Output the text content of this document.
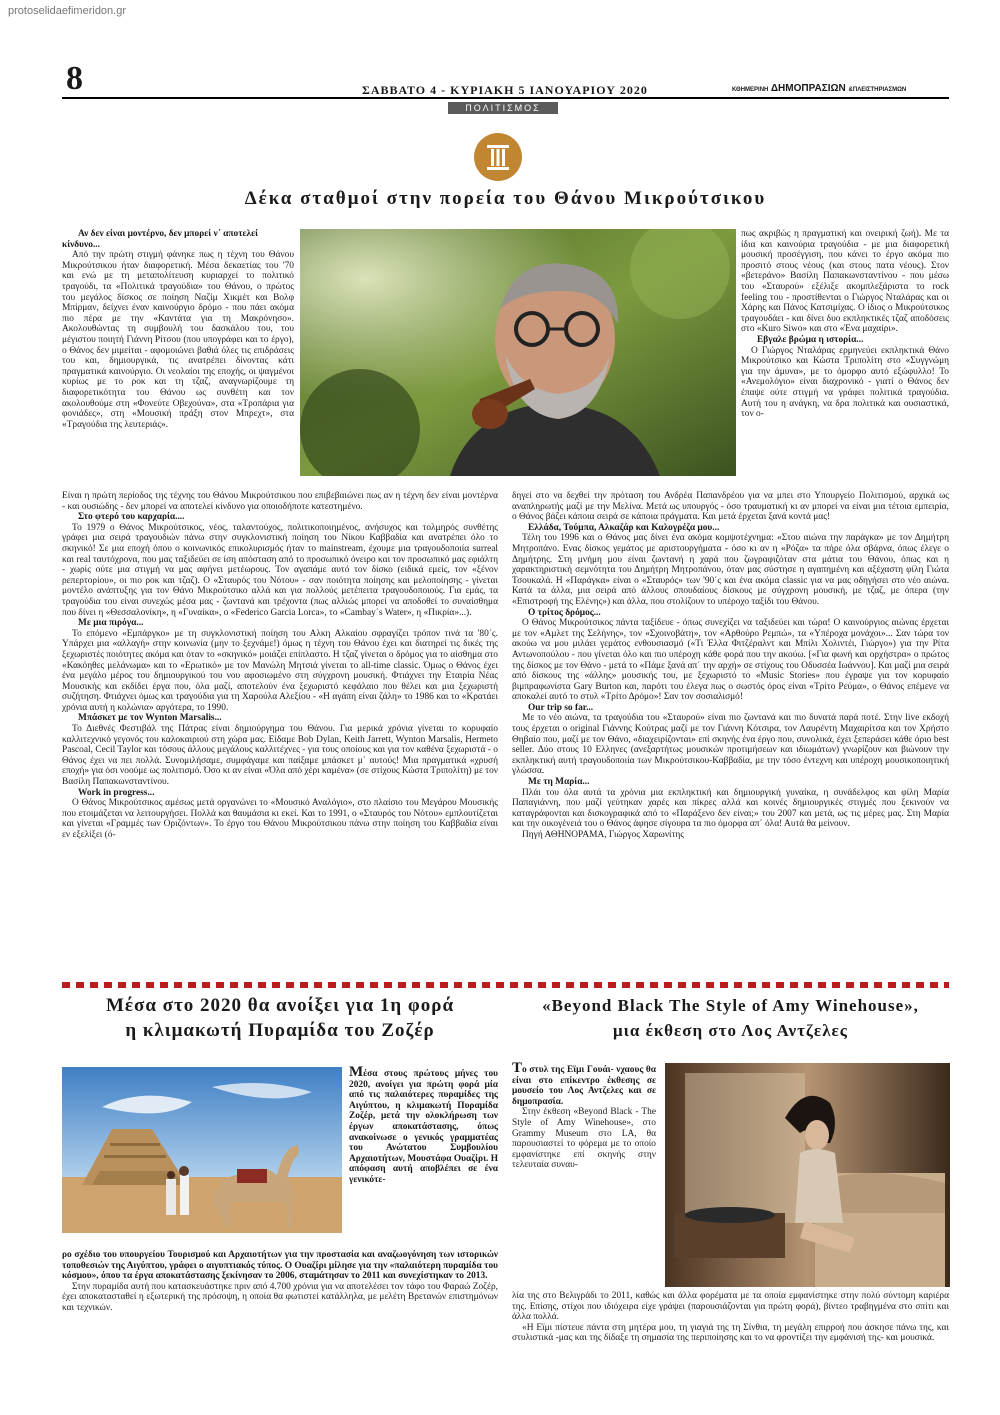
protoselidaefimeridon.gr
8	ΣΑΒΒΑΤΟ 4 - ΚΥΡΙΑΚΗ 5 ΙΑΝΟΥΑΡΙΟΥ 2020	ΚΘΗΜΕΡΙΝΗ ΔΗΜΟΠΡΑΣΙΩΝ &ΠΛΕΙΣΤΗΡΙΑΣΜΩΝ
ΠΟΛΙΤΙΣΜΟΣ
Δέκα σταθμοί στην πορεία του Θάνου Μικρούτσικου

Αν δεν είναι μοντέρνο, δεν μπορεί ν΄ αποτελεί κίνδυνο...

Από την πρώτη στιγμή φάνηκε πως η τέχνη του Θάνου Μικρούτσικου ήταν διαφορετική. Μέσα δεκαετίας του '70 και ενώ με τη μεταπολίτευση κυριαρχεί το πολιτικό τραγούδι, τα «Πολιτικά τραγούδια» του Θάνου, ο πρώτος του μεγάλος δίσκος σε ποίηση Ναζίμ Χικμέτ και Βολφ Μπίρμαν, δείχνει έναν καινούργιο δρόμο - που πάει ακόμα πιο πέρα με την «Καντάτα για τη Μακρόνησο». Ακολουθώντας τη συμβουλή του δασκάλου του, του μέγιστου ποιητή Γιάννη Ρίτσου (που υπογράφει και το έργο), ο Θάνος δεν μιμείται - αφομοιώνει βαθιά όλες τις επιδράσεις του και, δημιουργικά, τις ανατρέπει δίνοντας κάτι πραγματικά καινούργιο. Οι νεολαίοι της εποχής, οι ψαγμένοι κυρίως με το ροκ και τη τζαζ, αναγνωρίζουμε τη διαφορετικότητα του Θάνου ως συνθέτη και τον ακολουθούμε στη «Φονεύτε Οβεχούνα», στα «Τροπάρια για φονιάδες», στη «Μουσική πράξη στον Μπρεχτ», στα «Τραγούδια της λευτεριάς».

πως ακριβώς η πραγματική και ονειρική ζωή). Με τα ίδια και καινούρια τραγούδια - με μια διαφορετική μουσική προσέγγιση, που κάνει το έργο ακόμα πιο προσιτό στους νέους (και στους πατα νέους). Στον «βετεράνο» Βασίλη Παπακωνσταντίνου - που μέσω του «Σταυρού» εξέλιξε ακομπλεξάριστα το rock feeling του - προστίθενται ο Γιώργος Νταλάρας και οι Χάρης και Πάνος Κατσιμίχας. Ο ίδιος ο Μικρούτσικος τραγουδάει - και δίνει δυο εκπληκτικές τζαζ αποδόσεις στο «Kuro Siwo» και στο «Ένα μαχαίρι».

Εβγαλε βρώμα η ιστορία...

Ο Γιώργος Νταλάρας ερμηνεύει εκπληκτικά Θάνο Μικρούτσικο και Κώστα Τριπολίτη στο «Συγγνώμη για την άμυνα», με το όμορφο αυτό εξώφυλλο! Το «Ανεμολόγιο» είναι διαχρονικό - γιατί ο Θάνος δεν έπαψε ούτε στιγμή να γράφει πολιτικά τραγούδια. Αυτή του η ανάγκη, να δρα πολιτικά και ουσιαστικά, τον ο-

Είναι η πρώτη περίοδος της τέχνης του Θάνου Μικρούτσικου που επιβεβαιώνει πως αν η τέχνη δεν είναι μοντέρνα - και ουσιώδης - δεν μπορεί να αποτελεί κίνδυνο για οποιοδήποτε κατεστημένο.

Στο φτερό του καρχαρία....

Το 1979 ο Θάνος Μικρούτσικος, νέος, ταλαντούχος, πολιτικοποιημένος, ανήσυχος και τολμηρός συνθέτης γράφει μια σειρά τραγουδιών πάνω στην συγκλονιστική ποίηση του Νίκου Καββαδία και ανατρέπει όλο το σκηνικό! Σε μια εποχή όπου ο κοινωνικός επικολυρισμός ήταν το mainstream, έχουμε μια τραγουδοποιία surreal και real ταυτόχρονα, που μας ταξιδεύει σε ίση απόσταση από το προσωπικό όνειρο και τον προσωπικό μας εφιάλτη - χωρίς ούτε μια στιγμή να μας αφήνει μετέωρους. Τον αγαπάμε αυτό τον δίσκο (ειδικά εμείς, τον «ξένον ρεπερτορίου», οι πιο ροκ και τζαζ). Ο «Σταυρός του Νότου» - σαν ποιότητα ποίησης και μελοποίησης - γίνεται μοντέλο ανάπτυξης για τον Θάνο Μικρούτσικο αλλά και για πολλούς μετέπειτα τραγουδοποιούς. Για εμάς, τα τραγούδια του είναι συνεχώς μέσα μας - ζωντανά και τρέχοντα (πως αλλιώς μπορεί να αποδοθεί το συναίσθημα που δίνει η «Θεσσαλονίκη», η «Γυναίκα», ο «Federico Garcia Lorca», το «Cambay΄s Water», η «Πικρία»...).

Με μια πιρόγα...

Το επόμενο «Εμπάργκο» με τη συγκλονιστική ποίηση του Αλκη Αλκαίου σφραγίζει τρόπον τινά τα '80΄ς. Υπάρχει μια «αλλαγή» στην κοινωνία (μην το ξεχνάμε!) όμως η τέχνη του Θάνου έχει και διατηρεί τις δικές της ξεχωριστές ποιότητες ακόμα και όταν το «σκηνικό» μοιάζει επίπλαστο. Η τζαζ γίνεται ο δρόμος για το αίσθημα στο «Κακόηθες μελάνωμα» και το «Ερωτικό» με τον Μανώλη Μητσιά γίνεται το all-time classic. Όμως ο Θάνος έχει ένα μεγάλο μέρος του δημιουργικού του νου αφοσιωμένο στη σύγχρονη μουσική. Φτιάχνει την Εταιρία Νέας Μουσικής και εκδίδει έργα που, όλα μαζί, αποτελούν ένα ξεχωριστό κεφάλαιο που θέλει και μια ξεχωριστή συζήτηση. Φτιάχνει όμως και τραγούδια για τη Χαρούλα Αλεξίου - «Η αγάπη είναι ζάλη» το 1986 και το «Κρατάει χρόνια αυτή η κολώνια» αργότερα, το 1990.

Μπάσκετ με τον Wynton Marsalis...

Το Διεθνές Φεστιβάλ της Πάτρας είναι δημιούργημα του Θάνου. Για μερικά χρόνια γίνεται το κορυφαίο καλλιτεχνικό γεγονός του καλοκαιριού στη χώρα μας. Είδαμε Bob Dylan, Keith Jarrett, Wynton Marsalis, Hermeto Pascoal, Cecil Taylor και τόσους άλλους μεγάλους καλλιτέχνες - για τους οποίους και για τον καθένα ξεχωριστά - ο Θάνος έχει να πει πολλά. Συνομιλήσαμε, συμφάγαμε και παίξαμε μπάσκετ μ΄ αυτούς! Μια πραγματικά «χρυσή εποχή» για όσι νοούμε ως πολιτισμό. Όσο κι αν είναι «Όλα από χέρι καμένα» (σε στίχους Κώστα Τριπολίτη) με τον Βασίλη Παπακωνσταντίνου.

Work in progress...

Ο Θάνος Μικρούτσικος αμέσως μετά οργανώνει το «Μουσικό Αναλόγιο», στο πλαίσιο του Μεγάρου Μουσικής που ετοιμάζεται να λειτουργήσει. Πολλά και θαυμάσια κι εκεί. Και το 1991, ο «Σταυρός του Νότου» εμπλουτίζεται και γίνεται «Γραμμές των Οριζόντων». Το έργο του Θάνου Μικρούτσικου πάνω στην ποίηση του Καββαδία είναι εν εξελίξει (ό-

δηγεί στο να δεχθεί την πρόταση του Ανδρέα Παπανδρέου για να μπει στο Υπουργείο Πολιτισμού, αρχικά ως αναπληρωτής μαζί με την Μελίνα. Μετά ως υπουργός - όσο τραυματική κι αν μπορεί να είναι μια τέτοια εμπειρία, ο Θάνος βάζει κάποια σειρά σε κάποια πράγματα. Και μετά έρχεται ξανά κοντά μας!

Ελλάδα, Τούμπα, Αλκαζάρ και Καλογρέζα μου...

Τέλη του 1996 και ο Θάνος μας δίνει ένα ακόμα κομψοτέχνημα: «Στου αιώνα την παράγκα» με τον Δημήτρη Μητροπάνο. Ενας δίσκος γεμάτος με αριστουργήματα - όσο κι αν η «Ρόζα» τα πήρε όλα σβάρνα, όπως έλεγε ο Δημήτρης. Στη μνήμη μου είναι ζωντανή η χαρά που ζωγραφιζόταν στα μάτια του Θάνου, όπως και η χαρακτηριστική σεμνότητα του Δημήτρη Μητροπάνου, όταν μας σύστησε η αγαπημένη και αξέχαστη φίλη Γιώτα Τσουκαλά. Η «Παράγκα» είναι ο «Σταυρός» των '90΄ς και ένα ακόμα classic για να μας οδηγήσει στο νέο αιώνα. Κατά τα άλλα, μια σειρά από άλλους σπουδαίους δίσκους με σύγχρονη μουσική, με τζαζ, με όπερα (την «Επιστροφή της Ελένης») και άλλα, που στολίζουν το υπέροχο ταξίδι του Θάνου.

Ο τρίτος δρόμος...

Ο Θάνος Μικρούτσικος πάντα ταξίδευε - όπως συνεχίζει να ταξιδεύει και τώρα! Ο καινούργιος αιώνας έρχεται με τον «Αμλετ της Σελήνης», τον «Σχοινοβάτη», τον «Αρθούρο Ρεμπώ», τα «Υπέροχα μονάχοι»... Σαν τώρα τον ακούω να μου μιλάει γεμάτος ενθουσιασμό («Τι Έλλα Φιτζέραλντ και Μπίλι Χολιντέι, Γιώργο») για την Ρίτα Αντωνοπούλου - που γίνεται όλο και πιο υπέροχη κάθε φορά που την ακούω. [«Για φωνή και ορχήστρα» ο πρώτος της δίσκος με τον Θάνο - μετά το «Πάμε ξανά απ΄ την αρχή» σε στίχους του Οδυσσέα Ιωάννου]. Και μαζί μια σειρά από δίσκους της «άλλης» μουσικής του, με ξεχωριστό το «Music Stories» που έγραψε για τον κορυφαίο βιμπραφωνίστα Gary Burton και, παρότι του έλεγα πως ο σωστός όρος είναι «Τρίτο Ρεύμα», ο Θάνος επέμενε να αποκαλεί αυτό το στυλ «Τρίτο Δρόμο»! Σαν τον σοσιαλισμό!

Our trip so far...

Με το νέο αιώνα, τα τραγούδια του «Σταυρού» είναι πιο ζωντανά και πιο δυνατά παρά ποτέ. Στην live εκδοχή τους έρχεται ο original Γιάννης Κούτρας μαζί με τον Γιάννη Κότσιρα, τον Λαυρέντη Μαχαιρίτσα και τον Χρήστο Θηβαίο που, μαζί με τον Θάνο, «διαχειρίζονται» επί σκηνής ένα έργο που, συνολικά, έχει ξεπεράσει κάθε όριο best seller. Δύο στους 10 Ελληνες (ανεξαρτήτως μουσικών προτιμήσεων και ιδιωμάτων) γνωρίζουν και βιώνουν την εκπληκτική αυτή τραγουδοποιία των Μικρούτσικου-Καββαδία, με την τόσο έντεχνη και υπέροχη μουσικοποιητική γλώσσα.

Με τη Μαρία...

Πλάι του όλα αυτά τα χρόνια μια εκπληκτική και δημιουργική γυναίκα, η συνάδελφος και φίλη Μαρία Παπαγιάννη, που μαζί γεύτηκαν χαρές και πίκρες αλλά και κοινές δημιουργικές στιγμές που ξεκινούν να καταγράφονται και δισκογραφικά από το «Παράξενο δεν είναι;» του 2007 και μετά, ως τις μέρες μας. Στη Μαρία και την οικογένειά του ο Θάνος άφησε σίγουρα τα πιο όμορφα απ΄ όλα! Αυτά θα μείνουν.

Πηγή ΑΘΗΝΟΡΑΜΑ, Γιώργος Χαρωνίτης

Μέσα στο 2020 θα ανοίξει για 1η φορά
η κλιμακωτή Πυραμίδα του Ζοζέρ

Μέσα στους πρώτους μήνες του 2020, ανοίγει για πρώτη φορά μία από τις παλαιότερες πυραμίδες της Αιγύπτου, η κλιμακωτή Πυραμίδα Ζοζέρ, μετά την ολοκλήρωση των έργων αποκατάστασης, όπως ανακοίνωσε ο γενικός γραμματέας του Ανώτατου Συμβουλίου Αρχαιοτήτων, Μουστάφα Ουαζίρι. Η απόφαση αυτή αποβλέπει σε ένα γενικότε-

ρο σχέδιο του υπουργείου Τουρισμού και Αρχαιοτήτων για την προστασία και αναζωογόνηση των ιστορικών τοποθεσιών της Αιγύπτου, γράφει ο αιγυπτιακός τύπος. Ο Ουαζίρι μίλησε για την «παλαιότερη πυραμίδα του κόσμου», όπου τα έργα αποκατάστασης ξεκίνησαν το 2006, σταμάτησαν το 2011 και συνεχίστηκαν το 2013.

Στην πυραμίδα αυτή που κατασκευάστηκε πριν από 4.700 χρόνια για να αποτελέσει τον τάφο του Φαραώ Ζοζέρ, έχει αποκατασταθεί η εξωτερική της πρόσοψη, η οποία θα φωτιστεί κατάλληλα, με μελέτη Βρετανών επιστημόνων και τεχνικών.

«Beyond Black The Style of Amy Winehouse»,
μια έκθεση στο Λος Αντζελες

Το στυλ της Εϊμι Γουάι- νχαους θα είναι στο επίκεντρο έκθεσης σε μουσείο του Λος Αντζελες και σε δημοπρασία.

Στην έκθεση «Beyond Black - The Style of Amy Winehouse», στο Grammy Museum στο LA, θα παρουσιαστεί το φόρεμα με το οποίο εμφανίστηκε επί σκηνής στην τελευταία συναυ-

λία της στο Βελιγράδι το 2011, καθώς και άλλα φορέματα με τα οποία εμφανίστηκε στην πολύ σύντομη καριέρα της. Επίσης, στίχοι που ιδιόχειρα είχε γράψει (παρουσιάζονται για πρώτη φορά), βίντεο τραβηγμένα στο σπίτι και άλλα πολλά.

«Η Εϊμι πίστευε πάντα στη μητέρα μου, τη γιαγιά της τη Σίνθια, τη μεγάλη επιρροή που άσκησε πάνω της, και στυλιστικά -μας και της δίδαξε τη σημασία της περιποίησης και το να φροντίζει την εμφάνισή της- και μουσικά.
